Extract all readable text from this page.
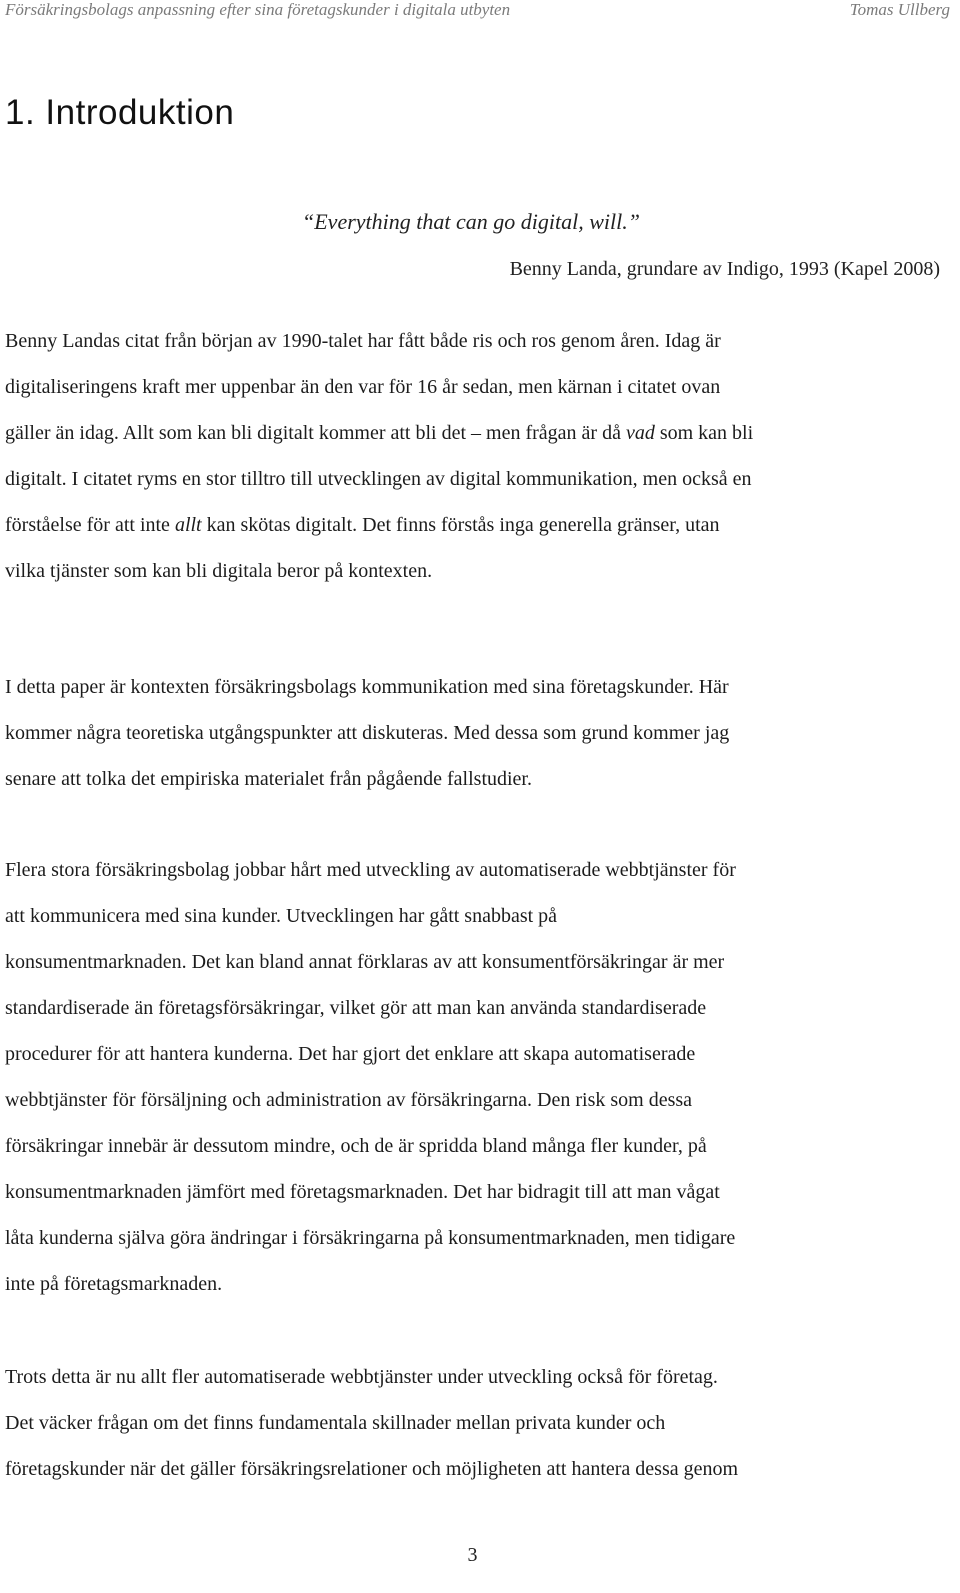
Försäkringsbolags anpassning efter sina företagskunder i digitala utbyten	Tomas Ullberg
1. Introduktion
“Everything that can go digital, will.”
Benny Landa, grundare av Indigo, 1993 (Kapel 2008)
Benny Landas citat från början av 1990-talet har fått både ris och ros genom åren. Idag är
digitaliseringens kraft mer uppenbar än den var för 16 år sedan, men kärnan i citatet ovan
gäller än idag. Allt som kan bli digitalt kommer att bli det – men frågan är då vad som kan bli
digitalt. I citatet ryms en stor tilltro till utvecklingen av digital kommunikation, men också en
förståelse för att inte allt kan skötas digitalt. Det finns förstås inga generella gränser, utan
vilka tjänster som kan bli digitala beror på kontexten.
I detta paper är kontexten försäkringsbolags kommunikation med sina företagskunder. Här
kommer några teoretiska utgångspunkter att diskuteras. Med dessa som grund kommer jag
senare att tolka det empiriska materialet från pågående fallstudier.
Flera stora försäkringsbolag jobbar hårt med utveckling av automatiserade webbtjänster för
att kommunicera med sina kunder. Utvecklingen har gått snabbast på
konsumentmarknaden. Det kan bland annat förklaras av att konsumentförsäkringar är mer
standardiserade än företagsförsäkringar, vilket gör att man kan använda standardiserade
procedurer för att hantera kunderna. Det har gjort det enklare att skapa automatiserade
webbtjänster för försäljning och administration av försäkringarna. Den risk som dessa
försäkringar innebär är dessutom mindre, och de är spridda bland många fler kunder, på
konsumentmarknaden jämfört med företagsmarknaden. Det har bidragit till att man vågat
låta kunderna själva göra ändringar i försäkringarna på konsumentmarknaden, men tidigare
inte på företagsmarknaden.
Trots detta är nu allt fler automatiserade webbtjänster under utveckling också för företag.
Det väcker frågan om det finns fundamentala skillnader mellan privata kunder och
företagskunder när det gäller försäkringsrelationer och möjligheten att hantera dessa genom
3
